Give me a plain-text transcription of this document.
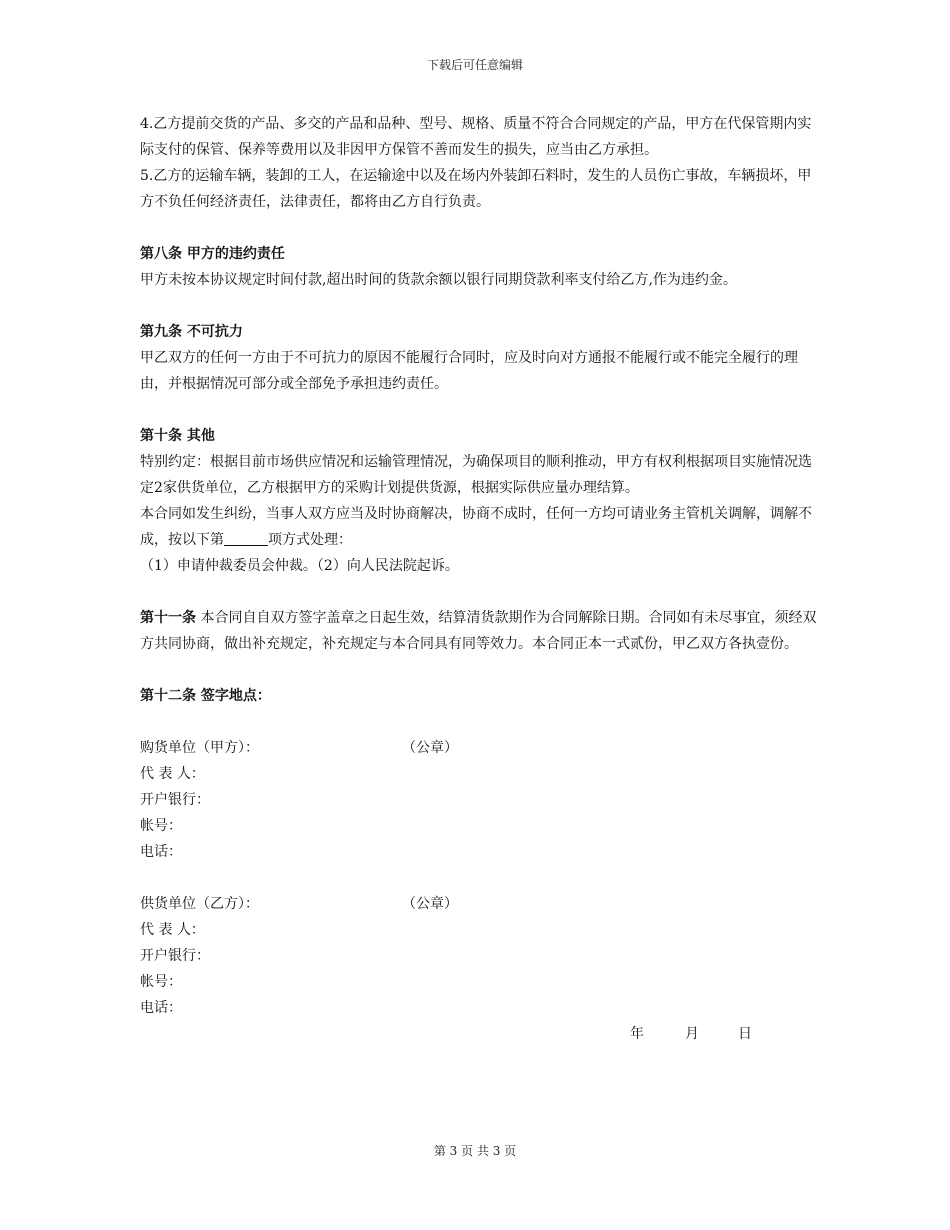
下载后可任意编辑

4.乙方提前交货的产品、多交的产品和品种、型号、规格、质量不符合合同规定的产品，甲方在代保管期内实际支付的保管、保养等费用以及非因甲方保管不善而发生的损失，应当由乙方承担。

5.乙方的运输车辆，装卸的工人，在运输途中以及在场内外装卸石料时，发生的人员伤亡事故，车辆损坏，甲方不负任何经济责任，法律责任，都将由乙方自行负责。

第八条 甲方的违约责任

甲方未按本协议规定时间付款,超出时间的货款余额以银行同期贷款利率支付给乙方,作为违约金。

第九条 不可抗力

甲乙双方的任何一方由于不可抗力的原因不能履行合同时，应及时向对方通报不能履行或不能完全履行的理由，并根据情况可部分或全部免予承担违约责任。

第十条 其他

特别约定：根据目前市场供应情况和运输管理情况，为确保项目的顺利推动，甲方有权利根据项目实施情况选定2家供货单位，乙方根据甲方的采购计划提供货源，根据实际供应量办理结算。

本合同如发生纠纷，当事人双方应当及时协商解决，协商不成时，任何一方均可请业务主管机关调解，调解不成，按以下第	项方式处理：

（1）申请仲裁委员会仲裁。（2）向人民法院起诉。

第十一条 本合同自自双方签字盖章之日起生效，结算清货款期作为合同解除日期。合同如有未尽事宜，须经双方共同协商，做出补充规定，补充规定与本合同具有同等效力。本合同正本一式贰份，甲乙双方各执壹份。

第十二条 签字地点：

购货单位（甲方）：	（公章）

代 表 人：

开户银行：

帐号：

电话：

供货单位（乙方）：	（公章）

代 表 人：

开户银行：

帐号：

电话：

年	月	日
第 3 页 共 3 页
